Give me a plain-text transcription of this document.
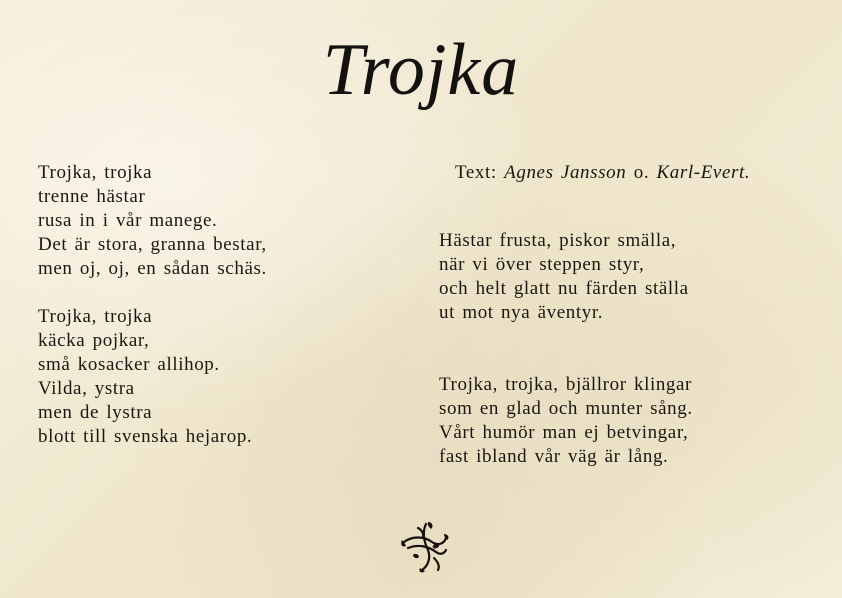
Trojka
Text: Agnes Jansson o. Karl-Evert.
Trojka, trojka
trenne hästar
rusa in i vår manege.
Det är stora, granna bestar,
men oj, oj, en sådan schäs.
Trojka, trojka
käcka pojkar,
små kosacker allihop.
Vilda, ystra
men de lystra
blott till svenska hejarop.
Hästar frusta, piskor smälla,
när vi över steppen styr,
och helt glatt nu färden ställa
ut mot nya äventyr.
Trojka, trojka, bjällror klingar
som en glad och munter sång.
Vårt humör man ej betvingar,
fast ibland vår väg är lång.
